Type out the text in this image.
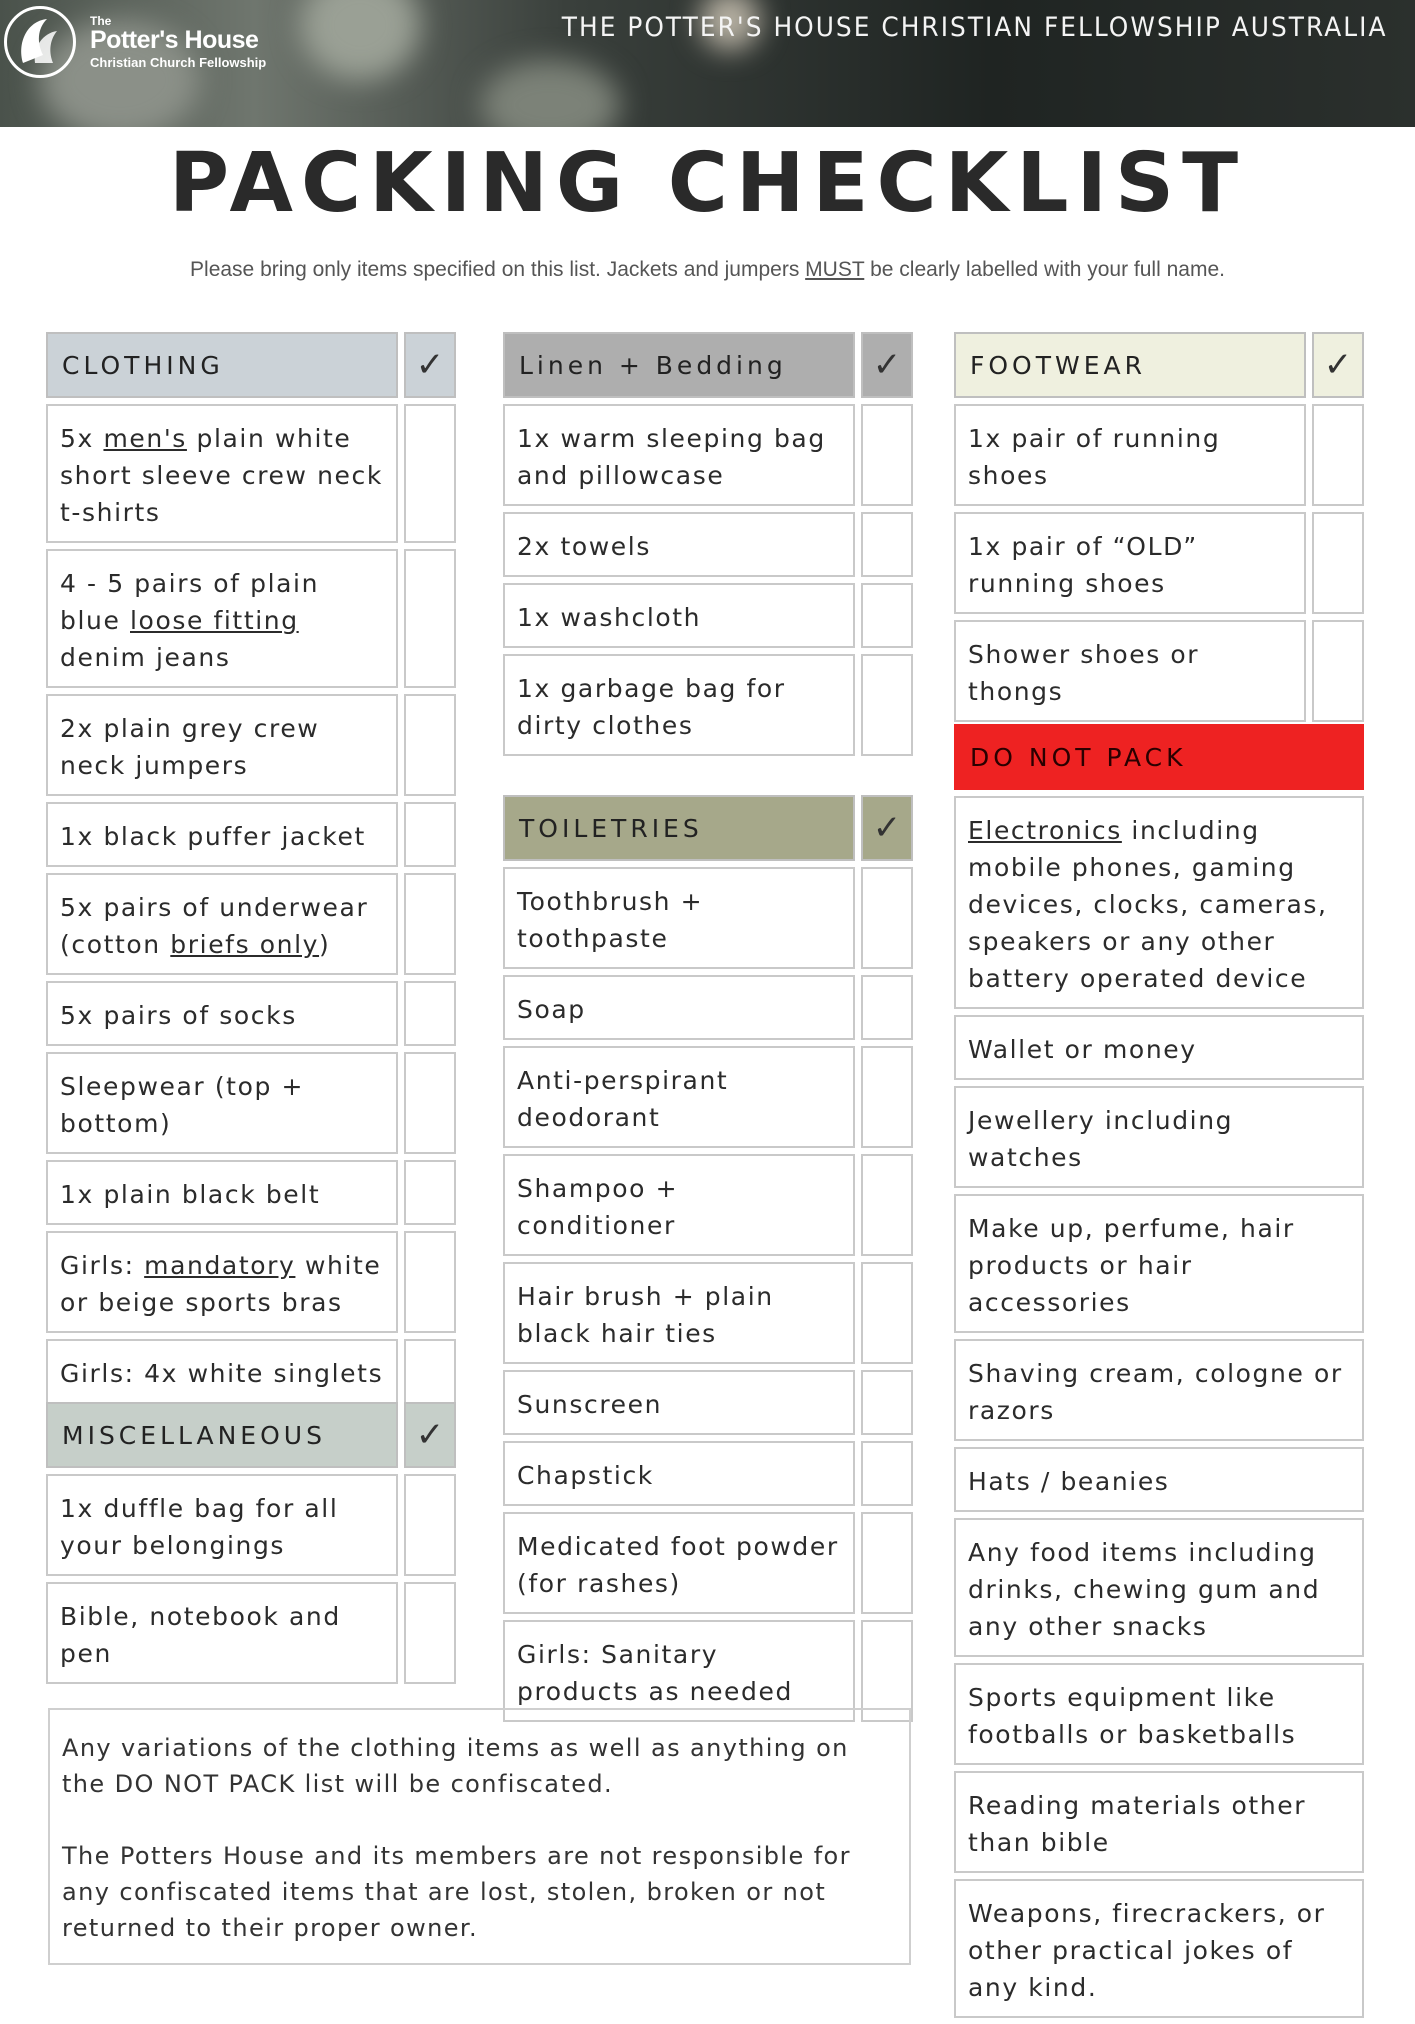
The
Potter's House
Christian Church Fellowship
THE POTTER'S HOUSE CHRISTIAN FELLOWSHIP AUSTRALIA
PACKING CHECKLIST
Please bring only items specified on this list. Jackets and jumpers MUST be clearly labelled with your full name.
CLOTHING	✓
5x men's plain white short sleeve crew neck t-shirts
4 - 5 pairs of plain blue loose fitting denim jeans
2x plain grey crew neck jumpers
1x black puffer jacket
5x pairs of underwear (cotton briefs only)
5x pairs of socks
Sleepwear (top + bottom)
1x plain black belt
Girls: mandatory white or beige sports bras
Girls: 4x white singlets
MISCELLANEOUS	✓
1x duffle bag for all your belongings
Bible, notebook and pen
Linen + Bedding	✓
1x warm sleeping bag and pillowcase
2x towels
1x washcloth
1x garbage bag for dirty clothes
TOILETRIES	✓
Toothbrush + toothpaste
Soap
Anti-perspirant deodorant
Shampoo + conditioner
Hair brush + plain black hair ties
Sunscreen
Chapstick
Medicated foot powder (for rashes)
Girls: Sanitary products as needed
FOOTWEAR	✓
1x pair of running shoes
1x pair of “OLD” running shoes
Shower shoes or thongs
DO NOT PACK
Electronics including mobile phones, gaming devices, clocks, cameras, speakers or any other battery operated device
Wallet or money
Jewellery including watches
Make up, perfume, hair products or hair accessories
Shaving cream, cologne or razors
Hats / beanies
Any food items including drinks, chewing gum and any other snacks
Sports equipment like footballs or basketballs
Reading materials other than bible
Weapons, firecrackers, or other practical jokes of any kind.

Any variations of the clothing items as well as anything on the DO NOT PACK list will be confiscated.

The Potters House and its members are not responsible for any confiscated items that are lost, stolen, broken or not returned to their proper owner.
